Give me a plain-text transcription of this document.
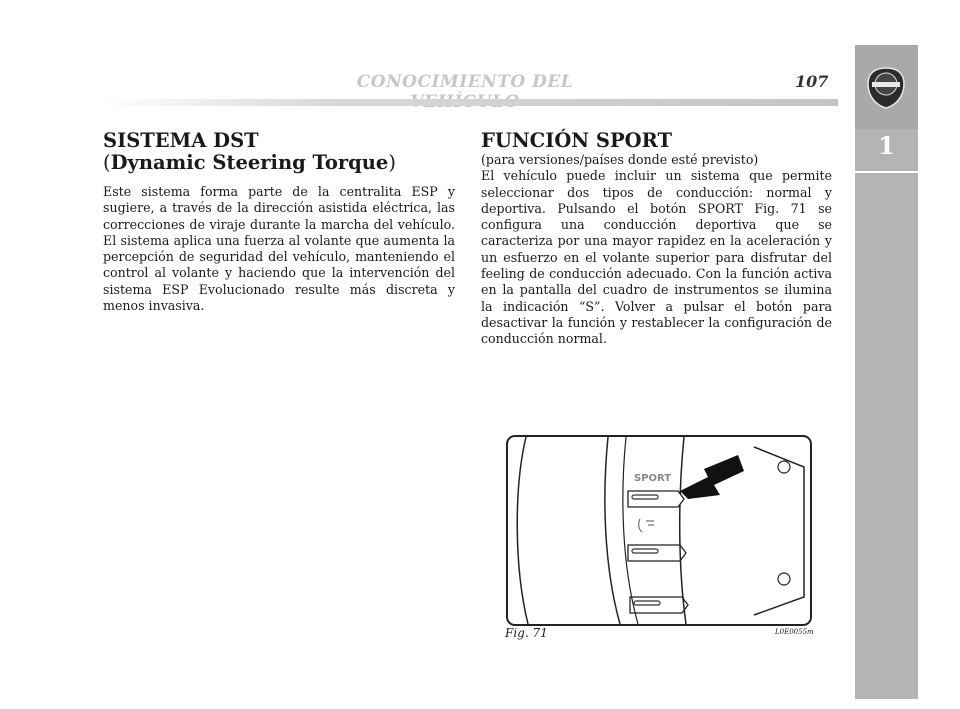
CONOCIMIENTO DEL	107
1

SISTEMA DST

(Dynamic Steering Torque)

Este sistema forma parte de la centralita ESP y sugiere, a través de la dirección asistida eléctrica, las correcciones de viraje durante la marcha del vehículo. El sistema aplica una fuerza al volante que aumenta la percepción de seguridad del vehículo, manteniendo el control al volante y haciendo que la intervención del sistema ESP Evolucionado resulte más discreta y menos invasiva.

FUNCIÓN SPORT

(para versiones/países donde esté previsto)

El vehículo puede incluir un sistema que permite seleccionar dos tipos de conducción: normal y deportiva. Pulsando el botón SPORT Fig. 71 se configura una conducción deportiva que se caracteriza por una mayor rapidez en la aceleración y un esfuerzo en el volante superior para disfrutar del feeling de conducción adecuado. Con la función activa en la pantalla del cuadro de instrumentos se ilumina la indicación “S”. Volver a pulsar el botón para desactivar la función y restablecer la configuración de conducción normal.

SPORT
Fig. 71	L0E0055m
